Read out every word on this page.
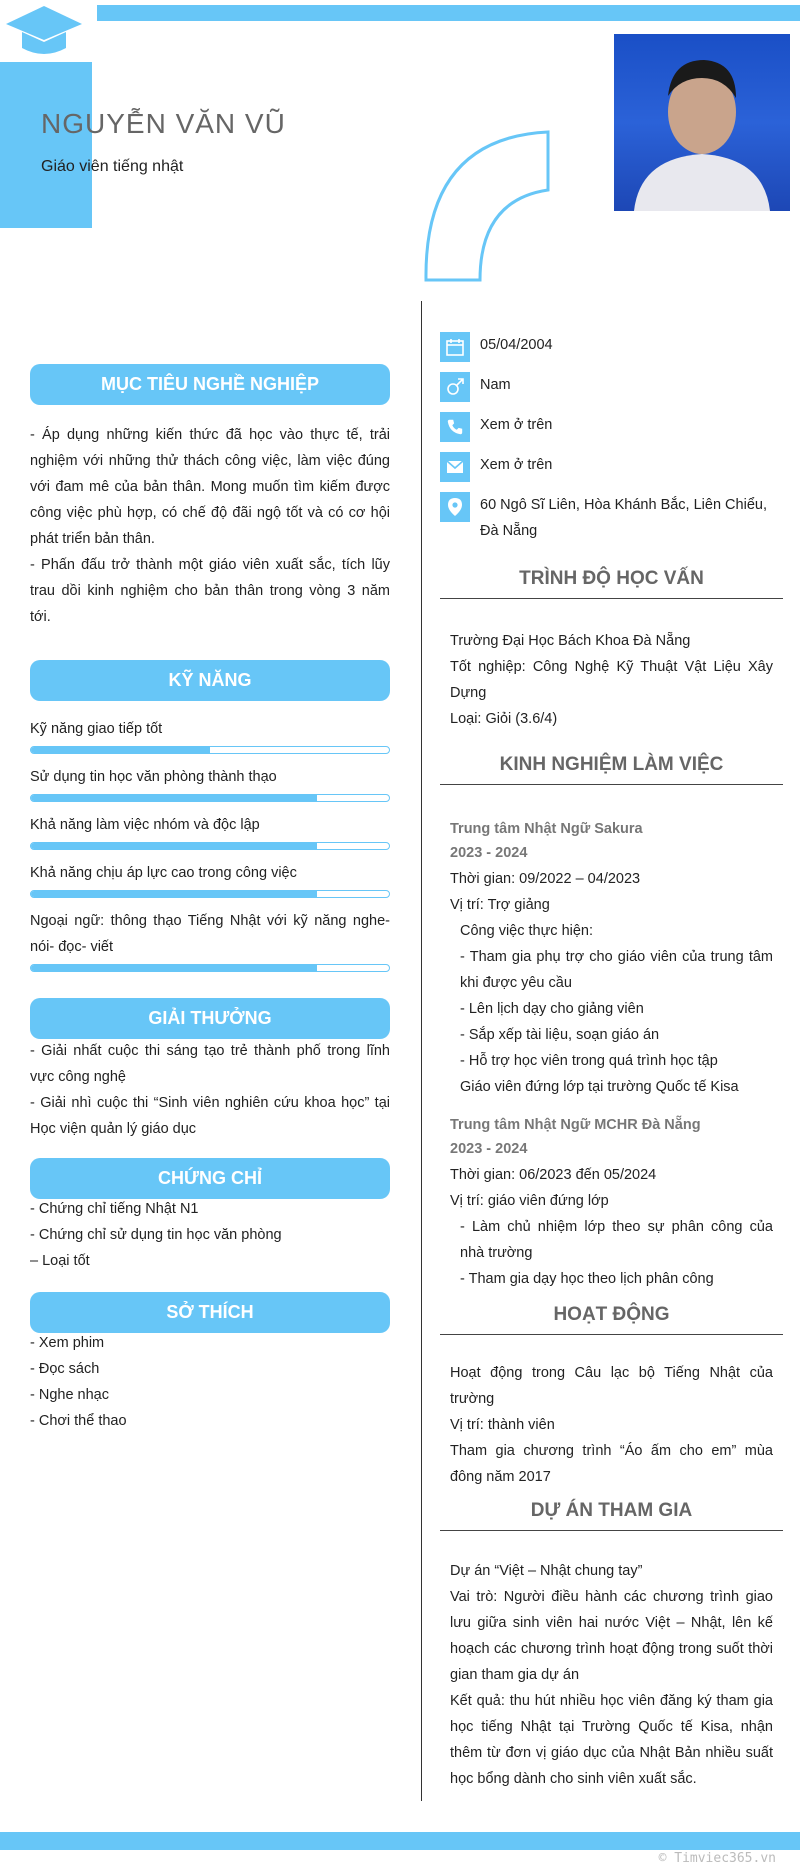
NGUYỄN VĂN VŨ
Giáo viên tiếng nhật
MỤC TIÊU NGHỀ NGHIỆP
- Áp dụng những kiến thức đã học vào thực tế, trải nghiệm với những thử thách công việc, làm việc đúng với đam mê của bản thân. Mong muốn tìm kiếm được công việc phù hợp, có chế độ đãi ngộ tốt và có cơ hội phát triển bản thân.
- Phấn đấu trở thành một giáo viên xuất sắc, tích lũy trau dồi kinh nghiệm cho bản thân trong vòng 3 năm tới.
KỸ NĂNG
Kỹ năng giao tiếp tốt
Sử dụng tin học văn phòng thành thạo
Khả năng làm việc nhóm và độc lập
Khả năng chịu áp lực cao trong công việc
Ngoại ngữ: thông thạo Tiếng Nhật với kỹ năng nghe- nói- đọc- viết
GIẢI THƯỞNG
- Giải nhất cuộc thi sáng tạo trẻ thành phố trong lĩnh vực công nghệ
- Giải nhì cuộc thi “Sinh viên nghiên cứu khoa học” tại Học viện quản lý giáo dục
CHỨNG CHỈ
- Chứng chỉ tiếng Nhật N1
- Chứng chỉ sử dụng tin học văn phòng
– Loại tốt
SỞ THÍCH
- Xem phim
- Đọc sách
- Nghe nhạc
- Chơi thể thao
05/04/2004
Nam
Xem ở trên
Xem ở trên
60 Ngô Sĩ Liên, Hòa Khánh Bắc, Liên Chiểu, Đà Nẵng
TRÌNH ĐỘ HỌC VẤN
Trường Đại Học Bách Khoa Đà Nẵng
Tốt nghiệp: Công Nghệ Kỹ Thuật Vật Liệu Xây Dựng
Loại: Giỏi (3.6/4)
KINH NGHIỆM LÀM VIỆC
Trung tâm Nhật Ngữ Sakura
2023 - 2024
Thời gian: 09/2022 – 04/2023
Vị trí: Trợ giảng
Công việc thực hiện:
- Tham gia phụ trợ cho giáo viên của trung tâm khi được yêu cầu
- Lên lịch dạy cho giảng viên
- Sắp xếp tài liệu, soạn giáo án
- Hỗ trợ học viên trong quá trình học tập
Giáo viên đứng lớp tại trường Quốc tế Kisa
Trung tâm Nhật Ngữ MCHR Đà Nẵng
2023 - 2024
Thời gian: 06/2023 đến 05/2024
Vị trí: giáo viên đứng lớp
- Làm chủ nhiệm lớp theo sự phân công của nhà trường
- Tham gia dạy học theo lịch phân công
HOẠT ĐỘNG
Hoạt động trong Câu lạc bộ Tiếng Nhật của trường
Vị trí: thành viên
Tham gia chương trình “Áo ấm cho em” mùa đông năm 2017
DỰ ÁN THAM GIA
Dự án “Việt – Nhật chung tay”
Vai trò: Người điều hành các chương trình giao lưu giữa sinh viên hai nước Việt – Nhật, lên kế hoạch các chương trình hoạt động trong suốt thời gian tham gia dự án
Kết quả: thu hút nhiều học viên đăng ký tham gia học tiếng Nhật tại Trường Quốc tế Kisa, nhận thêm từ đơn vị giáo dục của Nhật Bản nhiều suất học bổng dành cho sinh viên xuất sắc.
© Timviec365.vn
